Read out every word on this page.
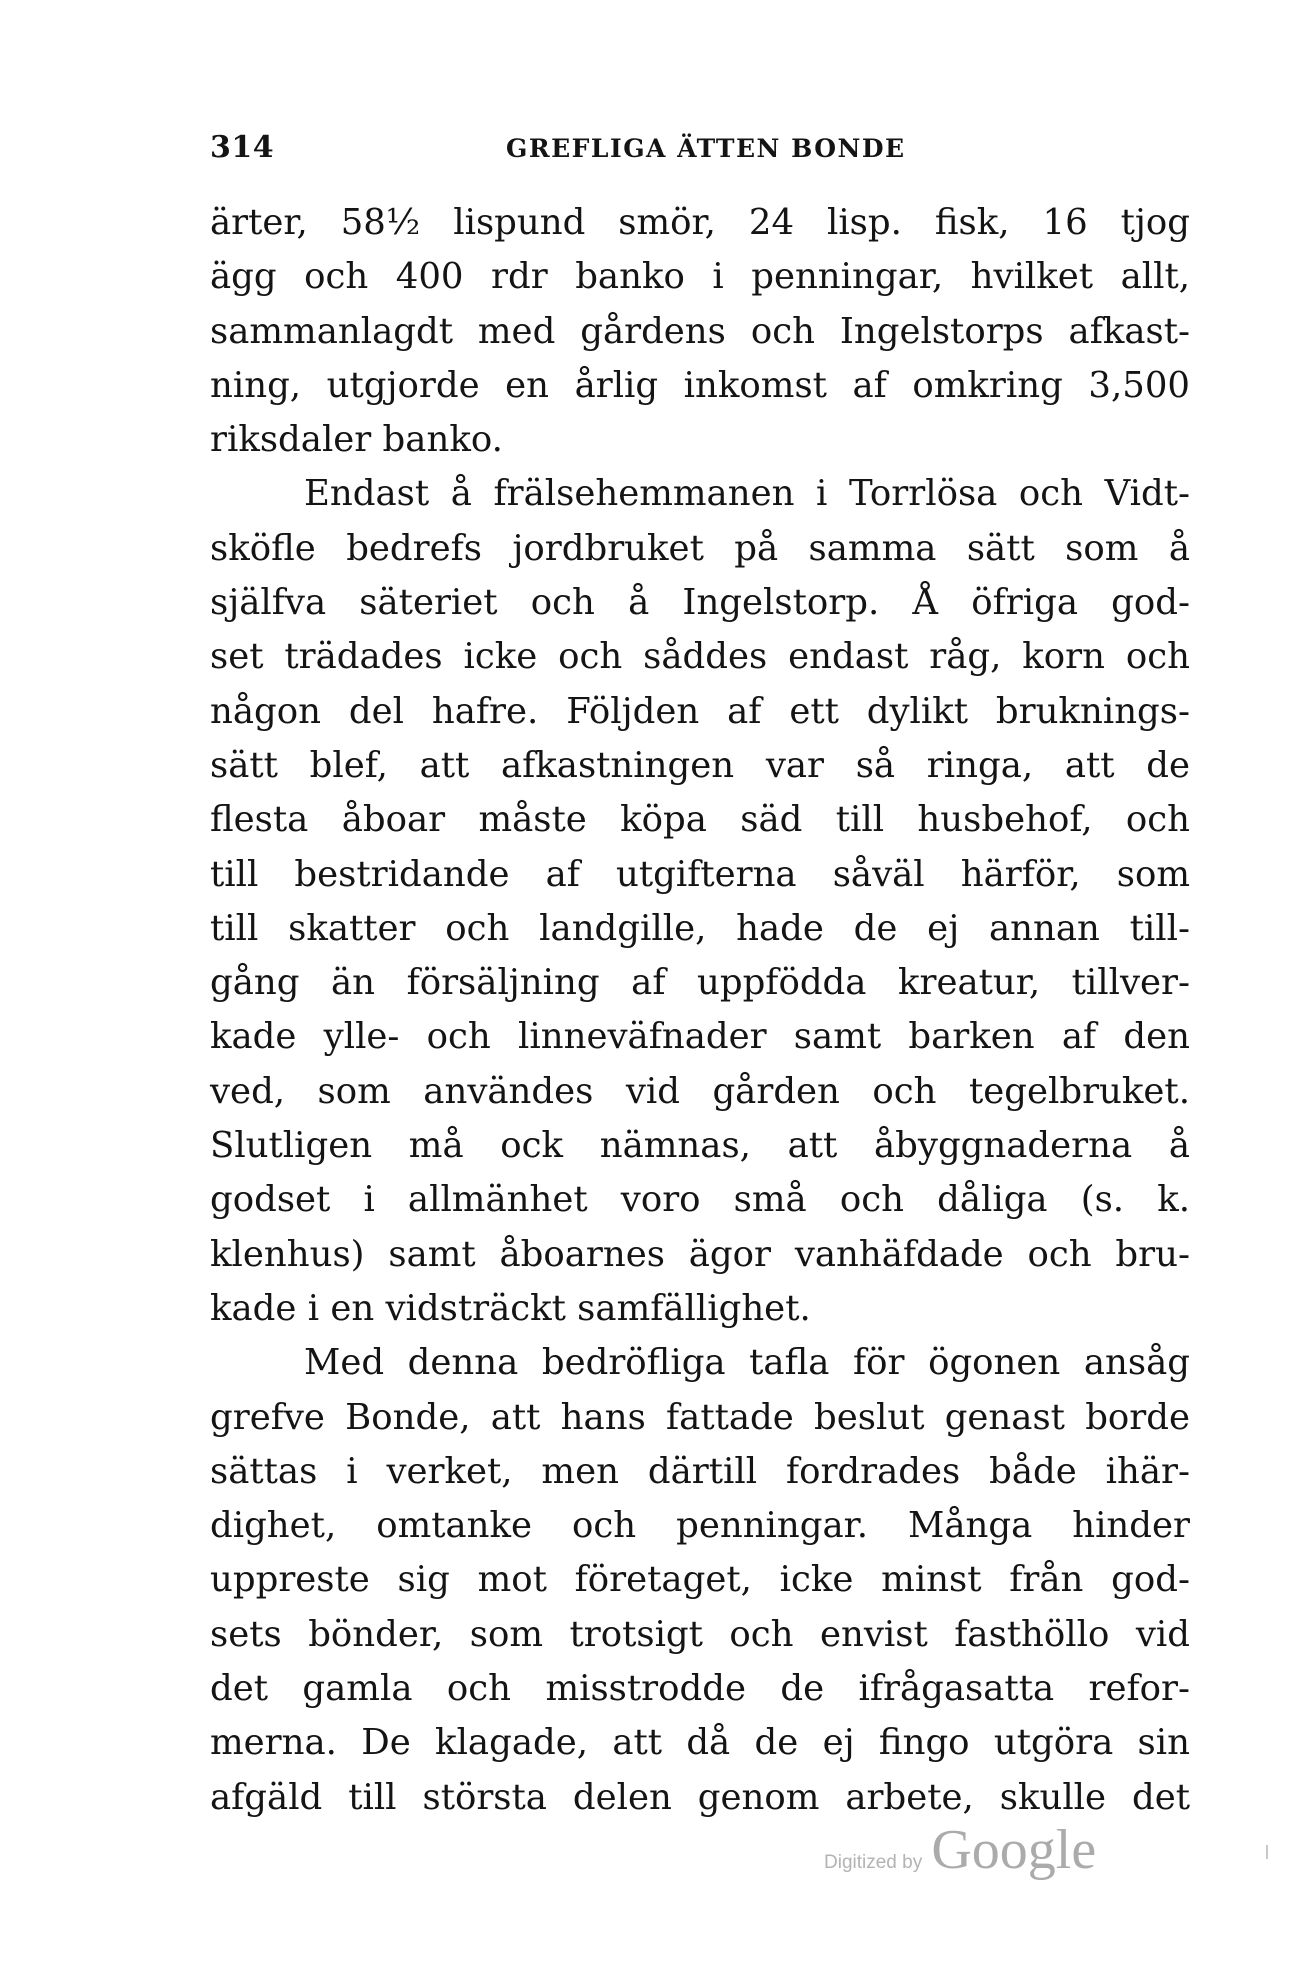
314	GREFLIGA ÄTTEN BONDE
ärter, 58½ lispund smör, 24 lisp. fisk, 16 tjog
ägg och 400 rdr banko i penningar, hvilket allt,
sammanlagdt med gårdens och Ingelstorps afkast-
ning, utgjorde en årlig inkomst af omkring 3,500
riksdaler banko.
Endast å frälsehemmanen i Torrlösa och Vidt-
sköfle bedrefs jordbruket på samma sätt som å
själfva säteriet och å Ingelstorp. Å öfriga god-
set trädades icke och såddes endast råg, korn och
någon del hafre. Följden af ett dylikt bruknings-
sätt blef, att afkastningen var så ringa, att de
flesta åboar måste köpa säd till husbehof, och
till bestridande af utgifterna såväl härför, som
till skatter och landgille, hade de ej annan till-
gång än försäljning af uppfödda kreatur, tillver-
kade ylle- och linneväfnader samt barken af den
ved, som användes vid gården och tegelbruket.
Slutligen må ock nämnas, att åbyggnaderna å
godset i allmänhet voro små och dåliga (s. k.
klenhus) samt åboarnes ägor vanhäfdade och bru-
kade i en vidsträckt samfällighet.
Med denna bedröfliga tafla för ögonen ansåg
grefve Bonde, att hans fattade beslut genast borde
sättas i verket, men därtill fordrades både ihär-
dighet, omtanke och penningar. Många hinder
uppreste sig mot företaget, icke minst från god-
sets bönder, som trotsigt och envist fasthöllo vid
det gamla och misstrodde de ifrågasatta refor-
merna. De klagade, att då de ej fingo utgöra sin
afgäld till största delen genom arbete, skulle det
Digitized by Google
